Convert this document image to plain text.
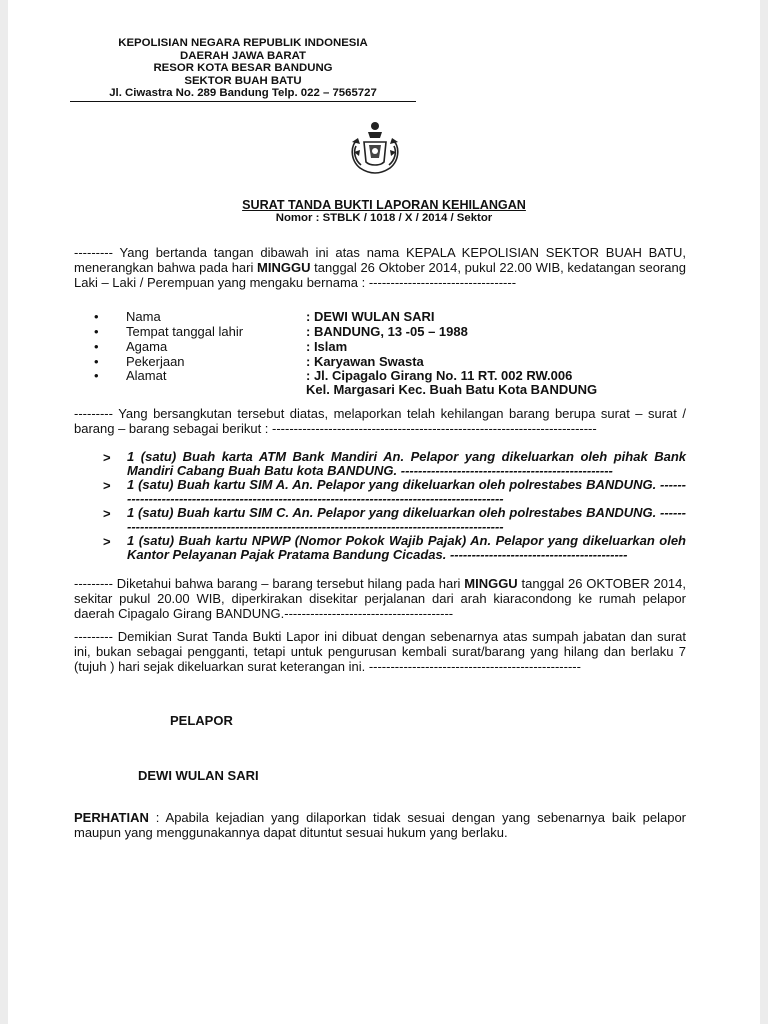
KEPOLISIAN NEGARA REPUBLIK INDONESIA
DAERAH JAWA BARAT
RESOR KOTA BESAR BANDUNG
SEKTOR BUAH BATU
Jl. Ciwastra No. 289 Bandung Telp. 022 – 7565727
SURAT TANDA BUKTI LAPORAN KEHILANGAN
Nomor : STBLK / 1018 / X / 2014 / Sektor

--------- Yang bertanda tangan dibawah ini atas nama KEPALA KEPOLISIAN SEKTOR BUAH BATU, menerangkan bahwa pada hari MINGGU tanggal 26 Oktober 2014, pukul 22.00 WIB, kedatangan seorang Laki – Laki / Perempuan yang mengaku bernama : ----------------------------------

• Nama	: DEWI WULAN SARI
• Tempat tanggal lahir	: BANDUNG, 13 -05 – 1988
• Agama	: Islam
• Pekerjaan	: Karyawan Swasta
• Alamat	: Jl. Cipagalo Girang No. 11 RT. 002 RW.006
Kel. Margasari Kec. Buah Batu Kota BANDUNG

--------- Yang bersangkutan tersebut diatas, melaporkan telah kehilangan barang berupa surat – surat / barang – barang sebagai berikut : ---------------------------------------------------------------------------

> 1 (satu) Buah karta ATM Bank Mandiri An. Pelapor yang dikeluarkan oleh pihak Bank Mandiri Cabang Buah Batu kota BANDUNG. -------------------------------------------------
> 1 (satu) Buah kartu SIM A. An. Pelapor yang dikeluarkan oleh polrestabes BANDUNG. ---------------------------------------------------------------------------------------------
> 1 (satu) Buah kartu SIM C. An. Pelapor yang dikeluarkan oleh polrestabes BANDUNG. ---------------------------------------------------------------------------------------------
> 1 (satu) Buah kartu NPWP (Nomor Pokok Wajib Pajak) An. Pelapor yang dikeluarkan oleh Kantor Pelayanan Pajak Pratama Bandung Cicadas. -----------------------------------------

--------- Diketahui bahwa barang – barang tersebut hilang pada hari MINGGU tanggal 26 OKTOBER 2014, sekitar pukul 20.00 WIB, diperkirakan disekitar perjalanan dari arah kiaracondong ke rumah pelapor daerah Cipagalo Girang BANDUNG.---------------------------------------

--------- Demikian Surat Tanda Bukti Lapor ini dibuat dengan sebenarnya atas sumpah jabatan dan surat ini, bukan sebagai pengganti, tetapi untuk pengurusan kembali surat/barang yang hilang dan berlaku 7 (tujuh ) hari sejak dikeluarkan surat keterangan ini. -------------------------------------------------

PELAPOR
DEWI WULAN SARI

PERHATIAN : Apabila kejadian yang dilaporkan tidak sesuai dengan yang sebenarnya baik pelapor maupun yang menggunakannya dapat dituntut sesuai hukum yang berlaku.
